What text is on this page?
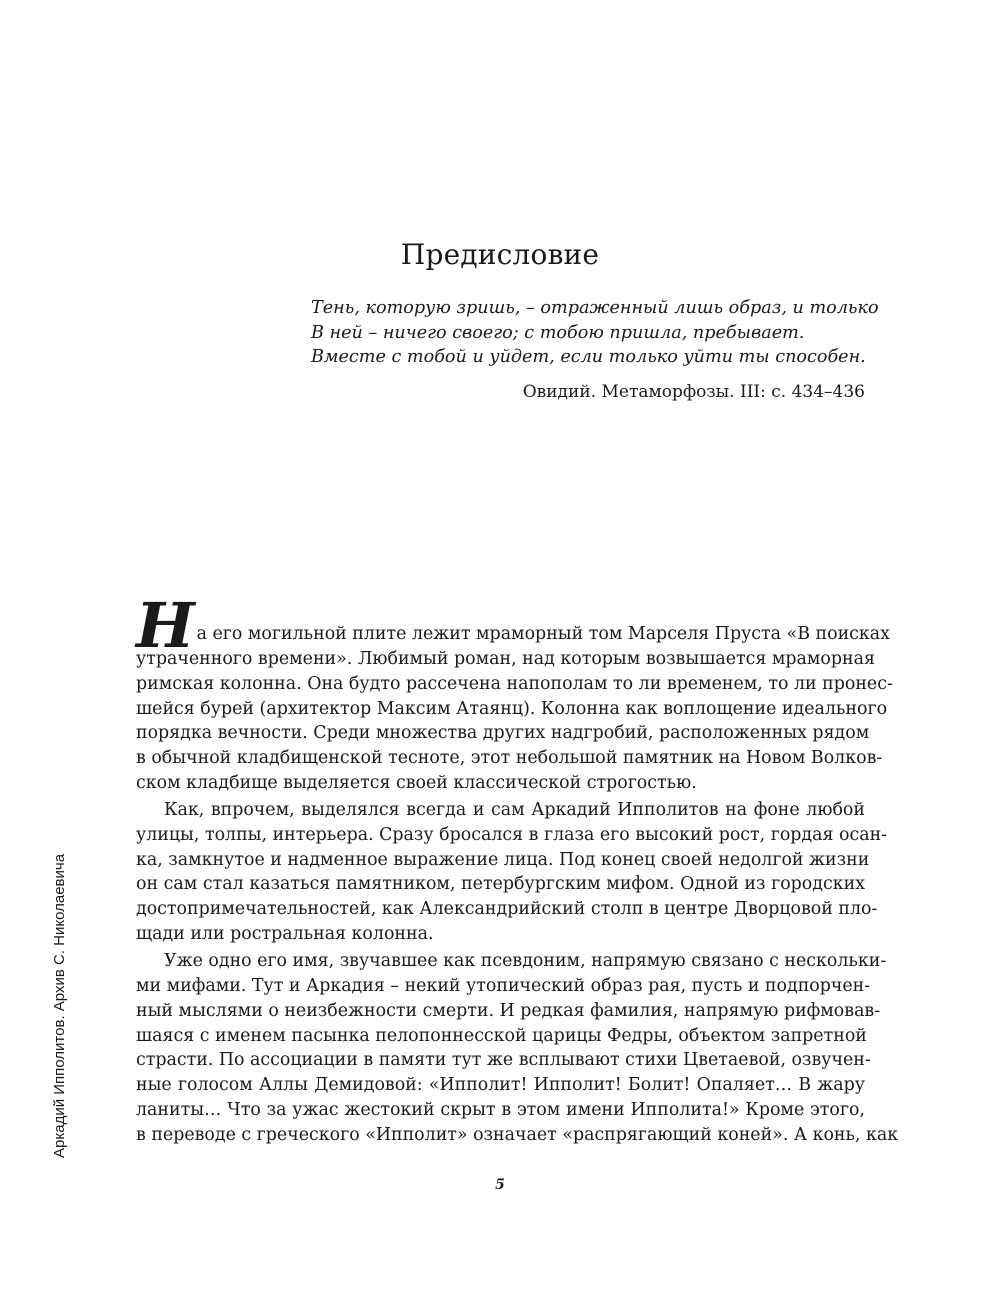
Предисловие
Тень, которую зришь, – отраженный лишь образ, и только
В ней – ничего своего; с тобою пришла, пребывает.
Вместе с тобой и уйдет, если только уйти ты способен.

Овидий. Метаморфозы. III: с. 434–436

Аркадий Ипполитов. Архив С. Николаевича
Н а его могильной плите лежит мраморный том Марселя Пруста «В поисках
утраченного времени». Любимый роман, над которым возвышается мраморная
римская колонна. Она будто рассечена напополам то ли временем, то ли пронес-
шейся бурей (архитектор Максим Атаянц). Колонна как воплощение идеального
порядка вечности. Среди множества других надгробий, расположенных рядом
в обычной кладбищенской тесноте, этот небольшой памятник на Новом Волков-
ском кладбище выделяется своей классической строгостью.
Как, впрочем, выделялся всегда и сам Аркадий Ипполитов на фоне любой
улицы, толпы, интерьера. Сразу бросался в глаза его высокий рост, гордая осан-
ка, замкнутое и надменное выражение лица. Под конец своей недолгой жизни
он сам стал казаться памятником, петербургским мифом. Одной из городских
достопримечательностей, как Александрийский столп в центре Дворцовой пло-
щади или ростральная колонна.
Уже одно его имя, звучавшее как псевдоним, напрямую связано с нескольки-
ми мифами. Тут и Аркадия – некий утопический образ рая, пусть и подпорчен-
ный мыслями о неизбежности смерти. И редкая фамилия, напрямую рифмовав-
шаяся с именем пасынка пелопоннесской царицы Федры, объектом запретной
страсти. По ассоциации в памяти тут же всплывают стихи Цветаевой, озвучен-
ные голосом Аллы Демидовой: «Ипполит! Ипполит! Болит! Опаляет… В жару
ланиты… Что за ужас жестокий скрыт в этом имени Ипполита!» Кроме этого,
в переводе с греческого «Ипполит» означает «распрягающий коней». А конь, как

5
